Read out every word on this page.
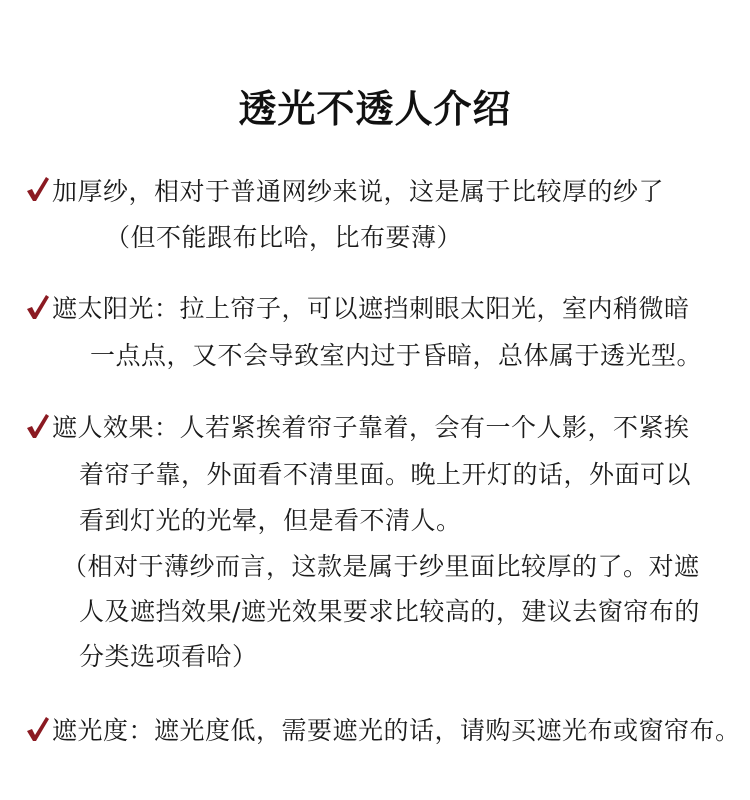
透光不透人介绍
加厚纱，相对于普通网纱来说，这是属于比较厚的纱了
（但不能跟布比哈，比布要薄）
遮太阳光：拉上帘子，可以遮挡刺眼太阳光，室内稍微暗
一点点，又不会导致室内过于昏暗，总体属于透光型。
遮人效果：人若紧挨着帘子靠着，会有一个人影，不紧挨
着帘子靠，外面看不清里面。晚上开灯的话，外面可以
看到灯光的光晕，但是看不清人。
（相对于薄纱而言，这款是属于纱里面比较厚的了。对遮
人及遮挡效果/遮光效果要求比较高的，建议去窗帘布的
分类选项看哈）
遮光度：遮光度低，需要遮光的话，请购买遮光布或窗帘布。
